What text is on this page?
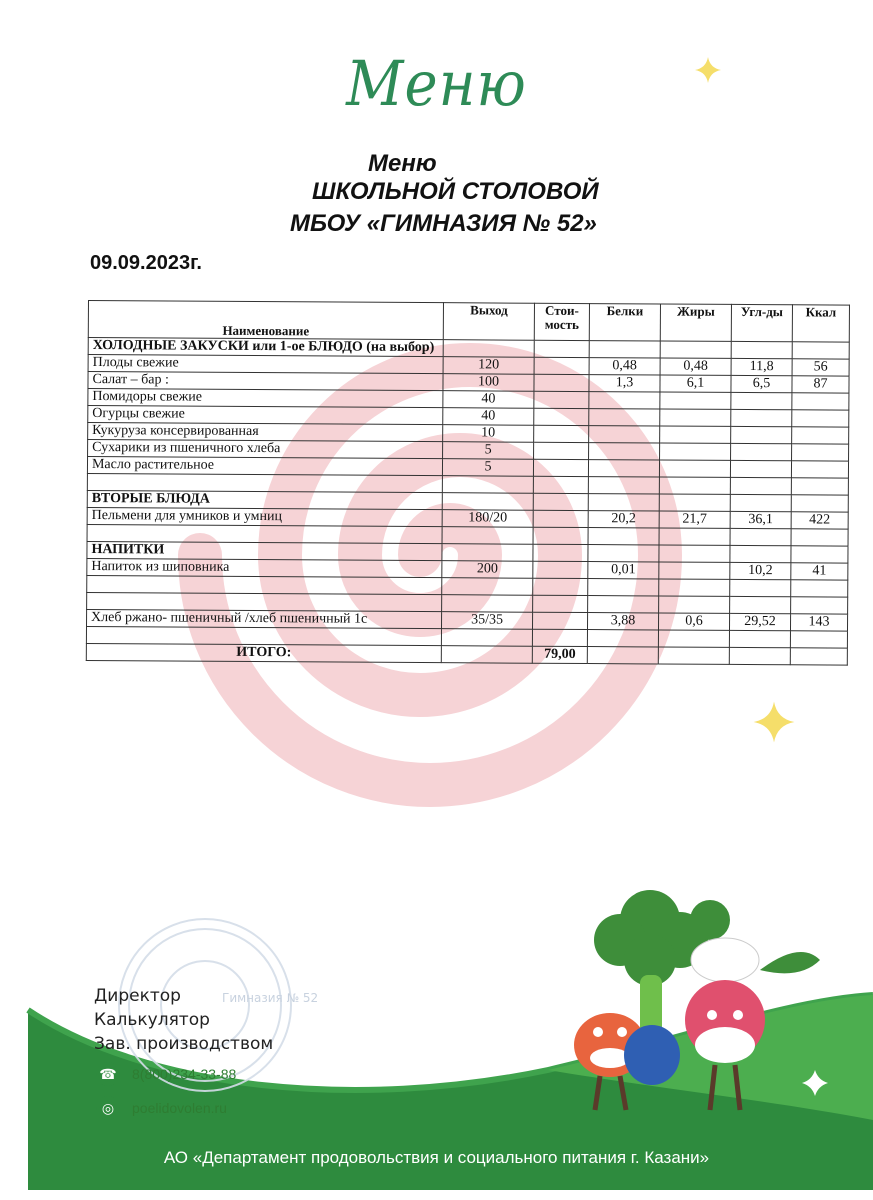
Меню
Меню
ШКОЛЬНОЙ СТОЛОВОЙ
МБОУ «ГИМНАЗИЯ № 52»
09.09.2023г.
Наименование	Выход	Стои-мость	Белки	Жиры	Угл-ды	Ккал
ХОЛОДНЫЕ ЗАКУСКИ или 1-ое БЛЮДО (на выбор)						
Плоды свежие	120		0,48	0,48	11,8	56
Салат – бар :	100		1,3	6,1	6,5	87
Помидоры свежие	40					
Огурцы свежие	40					
Кукуруза консервированная	10					
Сухарики из пшеничного хлеба	5					
Масло растительное	5					

ВТОРЫЕ БЛЮДА						
Пельмени для умников и умниц	180/20		20,2	21,7	36,1	422

НАПИТКИ						
Напиток из шиповника	200		0,01		10,2	41

Хлеб ржано- пшеничный /хлеб пшеничный 1с	35/35		3,88	0,6	29,52	143

ИТОГО:		79,00				
Гимназия № 52
Директор
Калькулятор
Зав. производством
☎ 8(800)234-33-88
◎	poelidovolen.ru
АО «Департамент продовольствия и социального питания г. Казани»
